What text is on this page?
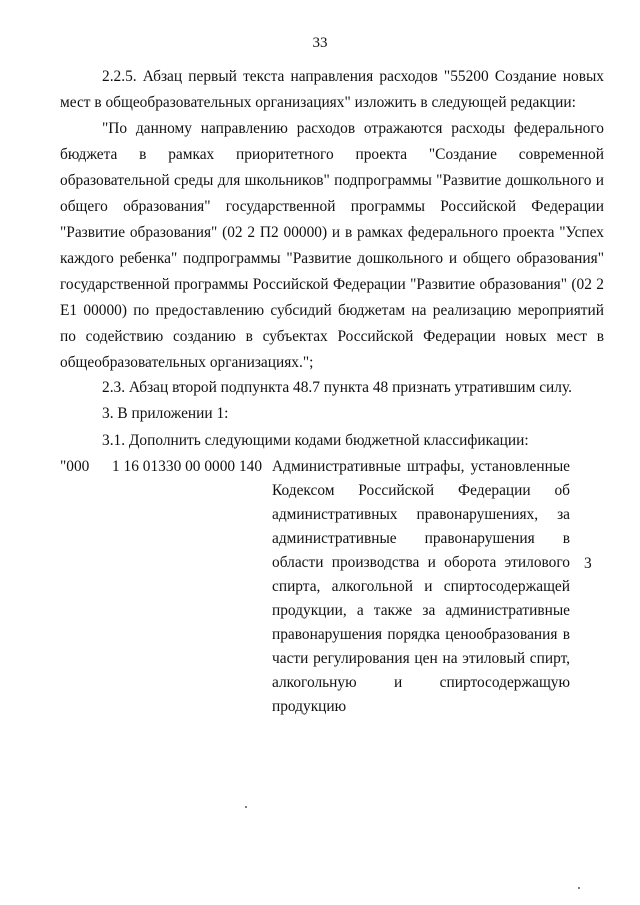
33

2.2.5. Абзац первый текста направления расходов "55200 Создание новых мест в общеобразовательных организациях" изложить в следующей редакции:

"По данному направлению расходов отражаются расходы федерального бюджета в рамках приоритетного проекта "Создание современной образовательной среды для школьников" подпрограммы "Развитие дошкольного и общего образования" государственной программы Российской Федерации "Развитие образования" (02 2 П2 00000) и в рамках федерального проекта "Успех каждого ребенка" подпрограммы "Развитие дошкольного и общего образования" государственной программы Российской Федерации "Развитие образования" (02 2 Е1 00000) по предоставлению субсидий бюджетам на реализацию мероприятий по содействию созданию в субъектах Российской Федерации новых мест в общеобразовательных организациях.";

2.3. Абзац второй подпункта 48.7 пункта 48 признать утратившим силу.

3. В приложении 1:

3.1. Дополнить следующими кодами бюджетной классификации:

"000 1 16 01330 00 0000 140 Административные штрафы, установленные Кодексом Российской Федерации об административных правонарушениях, за административные правонарушения в области производства и оборота этилового спирта, алкогольной и спиртосодержащей продукции, а также за административные правонарушения порядка ценообразования в части регулирования цен на этиловый спирт, алкогольную и спиртосодержащую продукцию

3
